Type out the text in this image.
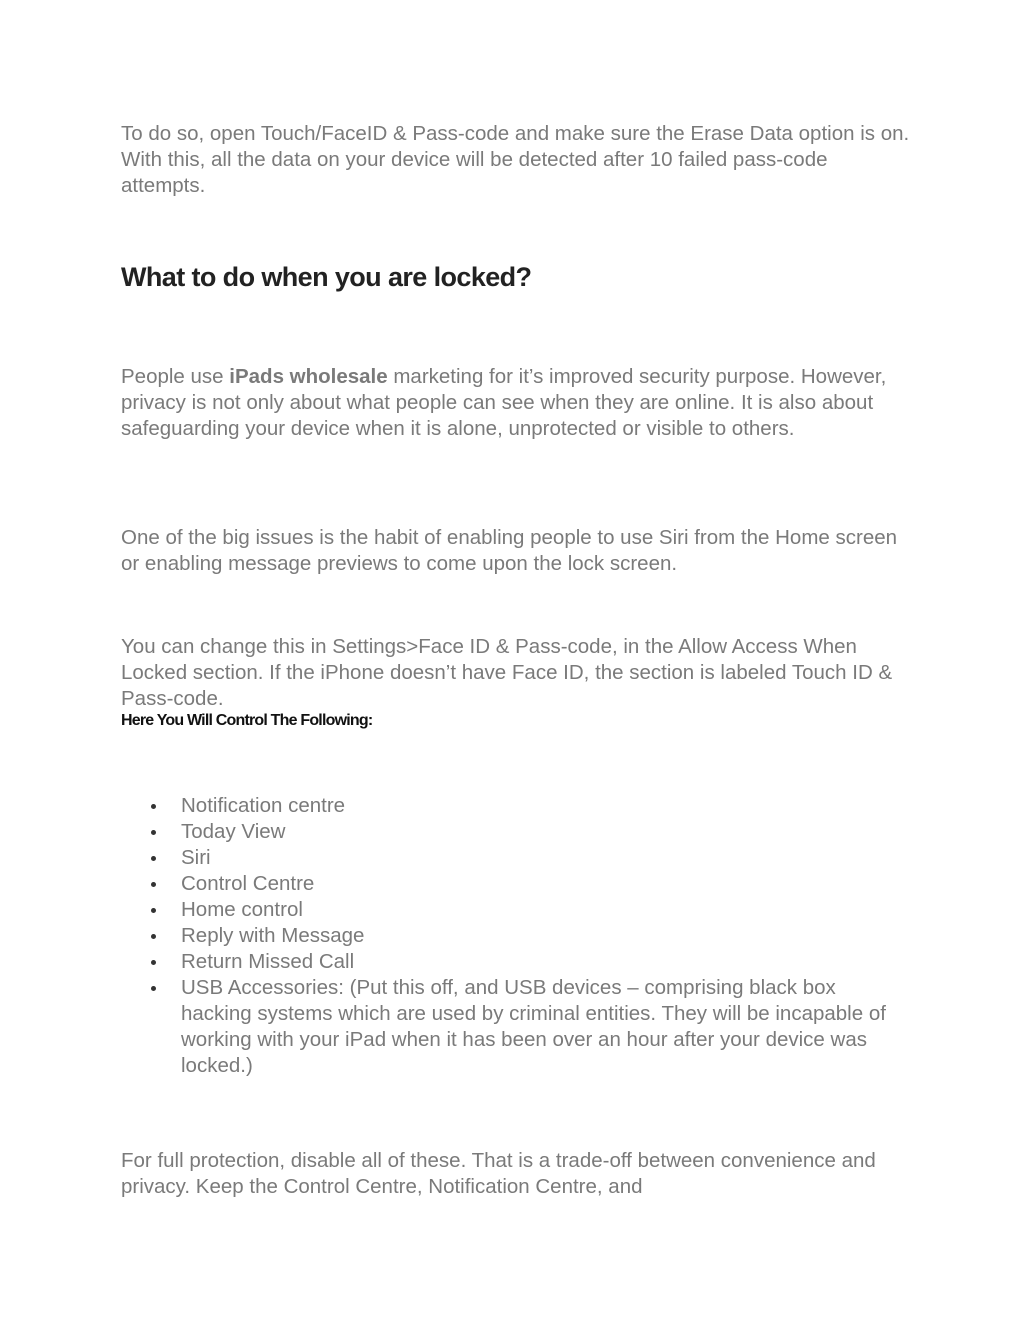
To do so, open Touch/FaceID & Pass-code and make sure the Erase Data option is on. With this, all the data on your device will be detected after 10 failed pass-code attempts.

What to do when you are locked?

People use iPads wholesale marketing for it’s improved security purpose. However, privacy is not only about what people can see when they are online. It is also about safeguarding your device when it is alone, unprotected or visible to others.

One of the big issues is the habit of enabling people to use Siri from the Home screen or enabling message previews to come upon the lock screen.

You can change this in Settings>Face ID & Pass-code, in the Allow Access When Locked section. If the iPhone doesn’t have Face ID, the section is labeled Touch ID & Pass-code.

Here You Will Control The Following:
Notification centre
Today View
Siri
Control Centre
Home control
Reply with Message
Return Missed Call
USB Accessories: (Put this off, and USB devices – comprising black box hacking systems which are used by criminal entities. They will be incapable of working with your iPad when it has been over an hour after your device was locked.)

For full protection, disable all of these. That is a trade-off between convenience and privacy. Keep the Control Centre, Notification Centre, and
